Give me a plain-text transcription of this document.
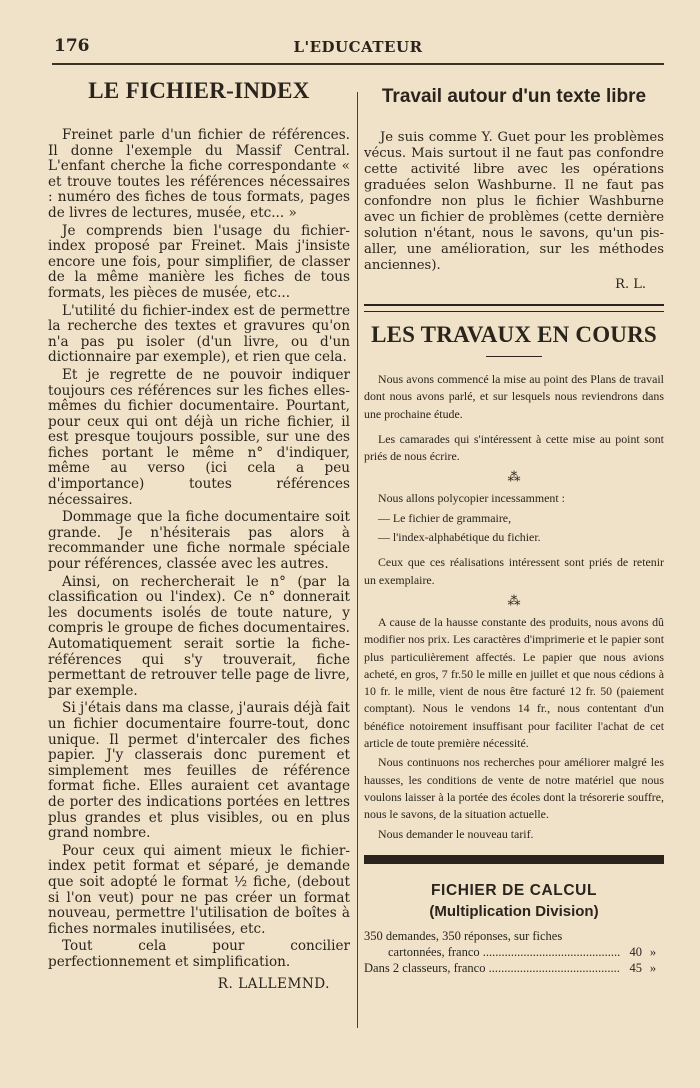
176	L'EDUCATEUR
LE FICHIER-INDEX

Freinet parle d'un fichier de références. Il donne l'exemple du Massif Central. L'enfant cherche la fiche correspondante « et trouve toutes les références nécessaires : numéro des fiches de tous formats, pages de livres de lectures, musée, etc... »

Je comprends bien l'usage du fichier-index proposé par Freinet. Mais j'insiste encore une fois, pour simplifier, de classer de la même manière les fiches de tous formats, les pièces de musée, etc...

L'utilité du fichier-index est de permettre la recherche des textes et gravures qu'on n'a pas pu isoler (d'un livre, ou d'un dictionnaire par exemple), et rien que cela.

Et je regrette de ne pouvoir indiquer toujours ces références sur les fiches elles-mêmes du fichier documentaire. Pourtant, pour ceux qui ont déjà un riche fichier, il est presque toujours possible, sur une des fiches portant le même n° d'indiquer, même au verso (ici cela a peu d'importance) toutes références nécessaires.

Dommage que la fiche documentaire soit grande. Je n'hésiterais pas alors à recommander une fiche normale spéciale pour références, classée avec les autres.

Ainsi, on rechercherait le n° (par la classification ou l'index). Ce n° donnerait les documents isolés de toute nature, y compris le groupe de fiches documentaires. Automatiquement serait sortie la fiche-références qui s'y trouverait, fiche permettant de retrouver telle page de livre, par exemple.

Si j'étais dans ma classe, j'aurais déjà fait un fichier documentaire fourre-tout, donc unique. Il permet d'intercaler des fiches papier. J'y classerais donc purement et simplement mes feuilles de référence format fiche. Elles auraient cet avantage de porter des indications portées en lettres plus grandes et plus visibles, ou en plus grand nombre.

Pour ceux qui aiment mieux le fichier-index petit format et séparé, je demande que soit adopté le format ½ fiche, (debout si l'on veut) pour ne pas créer un format nouveau, permettre l'utilisation de boîtes à fiches normales inutilisées, etc.

Tout cela pour concilier perfectionnement et simplification.

R. LALLEMND.
Travail autour d'un texte libre

Je suis comme Y. Guet pour les problèmes vécus. Mais surtout il ne faut pas confondre cette activité libre avec les opérations graduées selon Washburne. Il ne faut pas confondre non plus le fichier Washburne avec un fichier de problèmes (cette dernière solution n'étant, nous le savons, qu'un pis-aller, une amélioration, sur les méthodes anciennes).

R. L.
LES TRAVAUX EN COURS

Nous avons commencé la mise au point des Plans de travail dont nous avons parlé, et sur lesquels nous reviendrons dans une prochaine étude.

Les camarades qui s'intéressent à cette mise au point sont priés de nous écrire.

⁂

Nous allons polycopier incessamment :

— Le fichier de grammaire,

— l'index-alphabétique du fichier.

Ceux que ces réalisations intéressent sont priés de retenir un exemplaire.

⁂

A cause de la hausse constante des produits, nous avons dû modifier nos prix. Les caractères d'imprimerie et le papier sont plus particulièrement affectés. Le papier que nous avions acheté, en gros, 7 fr.50 le mille en juillet et que nous cédions à 10 fr. le mille, vient de nous être facturé 12 fr. 50 (paiement comptant). Nous le vendons 14 fr., nous contentant d'un bénéfice notoirement insuffisant pour faciliter l'achat de cet article de toute première nécessité.

Nous continuons nos recherches pour améliorer malgré les hausses, les conditions de vente de notre matériel que nous voulons laisser à la portée des écoles dont la trésorerie souffre, nous le savons, de la situation actuelle.

Nous demander le nouveau tarif.

FICHIER DE CALCUL
(Multiplication Division)
350 demandes, 350 réponses, sur fiches
cartonnées, franco .....	40 »
Dans 2 classeurs, franco .....	45 »
